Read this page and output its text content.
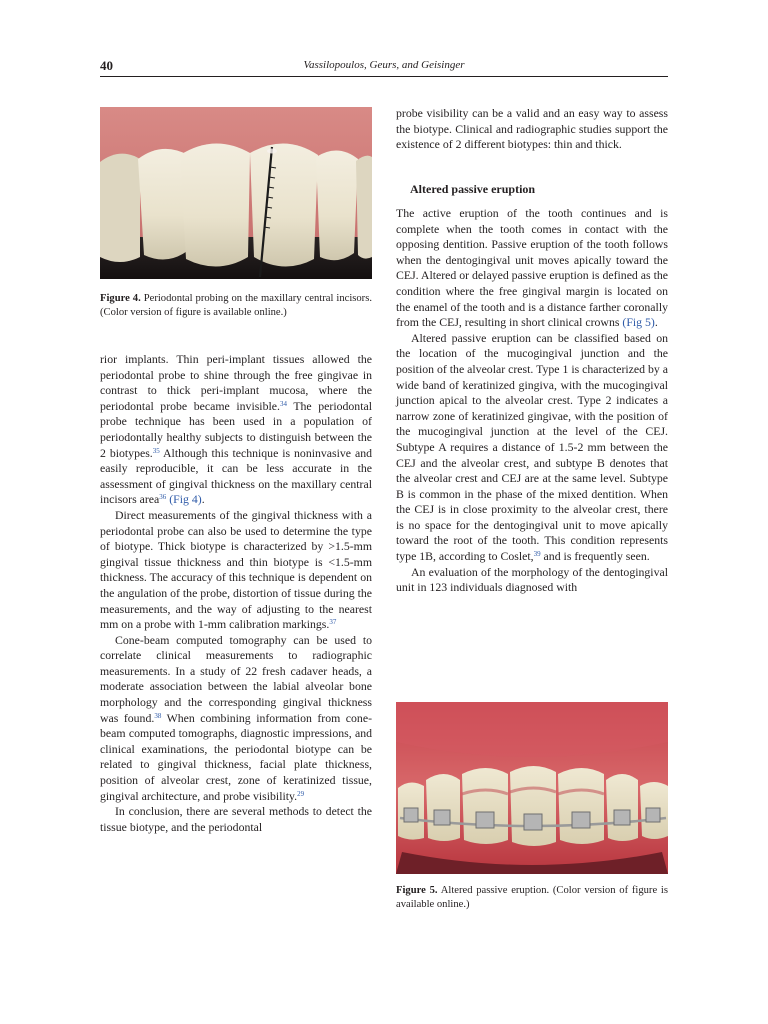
40	Vassilopoulos, Geurs, and Geisinger
Figure 4. Periodontal probing on the maxillary central incisors. (Color version of figure is available online.)

rior implants. Thin peri-implant tissues allowed the periodontal probe to shine through the free gingivae in contrast to thick peri-implant mucosa, where the periodontal probe became invisible.$^{34}$ The periodontal probe technique has been used in a population of periodontally healthy subjects to distinguish between the 2 biotypes.$^{35}$ Although this technique is noninvasive and easily reproducible, it can be less accurate in the assessment of gingival thickness on the maxillary central incisors area$^{36}$ (Fig 4).

Direct measurements of the gingival thickness with a periodontal probe can also be used to determine the type of biotype. Thick biotype is characterized by >1.5-mm gingival tissue thickness and thin biotype is <1.5-mm thickness. The accuracy of this technique is dependent on the angulation of the probe, distortion of tissue during the measurements, and the way of adjusting to the nearest mm on a probe with 1-mm calibration markings.$^{37}$

Cone-beam computed tomography can be used to correlate clinical measurements to radiographic measurements. In a study of 22 fresh cadaver heads, a moderate association between the labial alveolar bone morphology and the corresponding gingival thickness was found.$^{38}$ When combining information from cone-beam computed tomographs, diagnostic impressions, and clinical examinations, the periodontal biotype can be related to gingival thickness, facial plate thickness, position of alveolar crest, zone of keratinized tissue, gingival architecture, and probe visibility.$^{29}$

In conclusion, there are several methods to detect the tissue biotype, and the periodontal

probe visibility can be a valid and an easy way to assess the biotype. Clinical and radiographic studies support the existence of 2 different biotypes: thin and thick.

Altered passive eruption

The active eruption of the tooth continues and is complete when the tooth comes in contact with the opposing dentition. Passive eruption of the tooth follows when the dentogingival unit moves apically toward the CEJ. Altered or delayed passive eruption is defined as the condition where the free gingival margin is located on the enamel of the tooth and is a distance farther coronally from the CEJ, resulting in short clinical crowns (Fig 5).

Altered passive eruption can be classified based on the location of the mucogingival junction and the position of the alveolar crest. Type 1 is characterized by a wide band of keratinized gingiva, with the mucogingival junction apical to the alveolar crest. Type 2 indicates a narrow zone of keratinized gingivae, with the position of the mucogingival junction at the level of the CEJ. Subtype A requires a distance of 1.5-2 mm between the CEJ and the alveolar crest, and subtype B denotes that the alveolar crest and CEJ are at the same level. Subtype B is common in the phase of the mixed dentition. When the CEJ is in close proximity to the alveolar crest, there is no space for the dentogingival unit to move apically toward the root of the tooth. This condition represents type 1B, according to Coslet,$^{39}$ and is frequently seen.

An evaluation of the morphology of the dentogingival unit in 123 individuals diagnosed with

Figure 5. Altered passive eruption. (Color version of figure is available online.)
